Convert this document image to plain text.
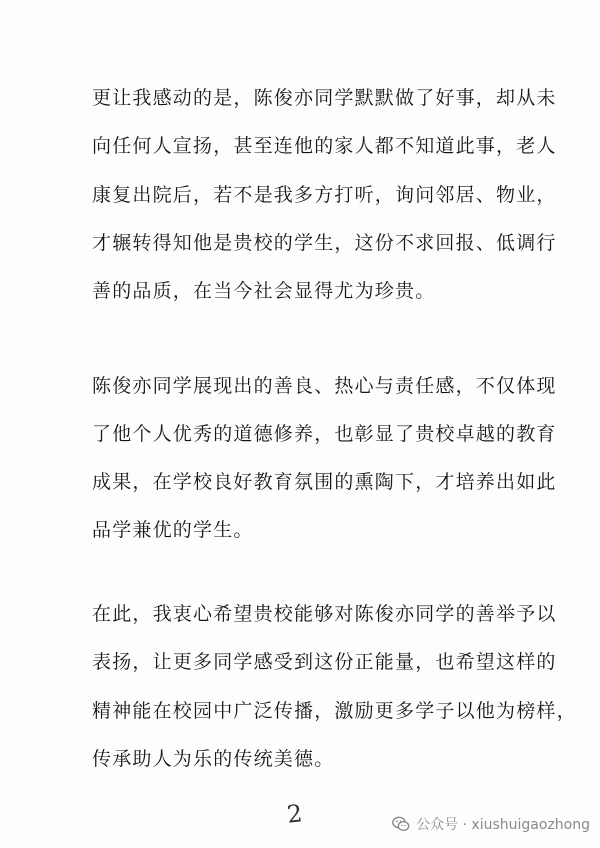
更让我感动的是，陈俊亦同学默默做了好事，却从未
向任何人宣扬，甚至连他的家人都不知道此事，老人
康复出院后，若不是我多方打听，询问邻居、物业，
才辗转得知他是贵校的学生，这份不求回报、低调行
善的品质，在当今社会显得尤为珍贵。
陈俊亦同学展现出的善良、热心与责任感，不仅体现
了他个人优秀的道德修养，也彰显了贵校卓越的教育
成果，在学校良好教育氛围的熏陶下，才培养出如此
品学兼优的学生。
在此，我衷心希望贵校能够对陈俊亦同学的善举予以
表扬，让更多同学感受到这份正能量，也希望这样的
精神能在校园中广泛传播，激励更多学子以他为榜样，
传承助人为乐的传统美德。
2	公众号 · xiushuigaozhong
